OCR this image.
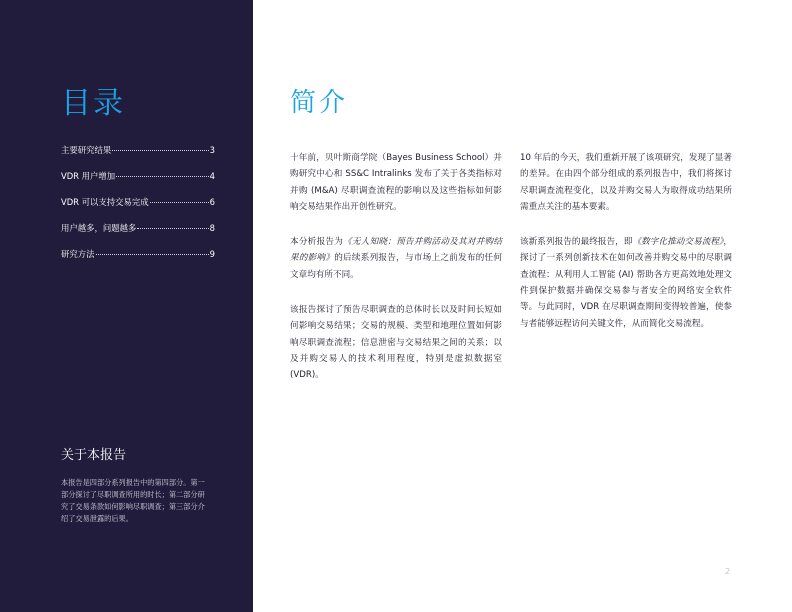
目录
主要研究结果	3
VDR 用户增加	4
VDR 可以支持交易完成	6
用户越多，问题越多	8
研究方法	9
关于本报告

本报告是四部分系列报告中的第四部分。第一部分探讨了尽职调查所用的时长；第二部分研究了交易条款如何影响尽职调查；第三部分介绍了交易泄露的后果。

简介

十年前，贝叶斯商学院（Bayes Business School）并购研究中心和 SS&C Intralinks 发布了关于各类指标对并购 (M&A) 尽职调查流程的影响以及这些指标如何影响交易结果作出开创性研究。

本分析报告为《无人知晓：预告并购活动及其对并购结果的影响》的后续系列报告，与市场上之前发布的任何文章均有所不同。

该报告探讨了预告尽职调查的总体时长以及时间长短如何影响交易结果；交易的规模、类型和地理位置如何影响尽职调查流程；信息泄密与交易结果之间的关系；以及并购交易人的技术利用程度，特别是虚拟数据室 (VDR)。

10 年后的今天，我们重新开展了该项研究，发现了显著的差异。在由四个部分组成的系列报告中，我们将探讨尽职调查流程变化，以及并购交易人为取得成功结果所需重点关注的基本要素。

该新系列报告的最终报告，即《数字化推动交易流程》，探讨了一系列创新技术在如何改善并购交易中的尽职调查流程：从利用人工智能 (AI) 帮助各方更高效地处理文件到保护数据并确保交易参与者安全的网络安全软件等。与此同时，VDR 在尽职调查期间变得较普遍，使参与者能够远程访问关键文件，从而简化交易流程。

2
